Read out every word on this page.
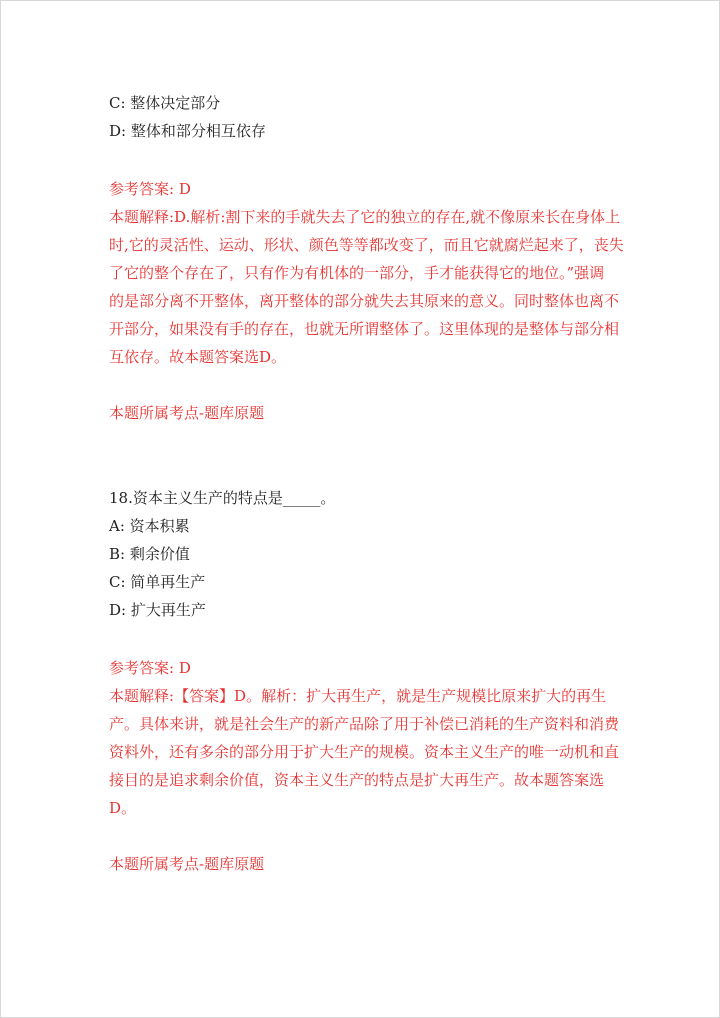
C: 整体决定部分
D: 整体和部分相互依存
参考答案: D
本题解释:D.解析:割下来的手就失去了它的独立的存在,就不像原来长在身体上
时,它的灵活性、运动、形状、颜色等等都改变了，而且它就腐烂起来了，丧失
了它的整个存在了，只有作为有机体的一部分，手才能获得它的地位。”强调
的是部分离不开整体，离开整体的部分就失去其原来的意义。同时整体也离不
开部分，如果没有手的存在，也就无所谓整体了。这里体现的是整体与部分相
互依存。故本题答案选D。
本题所属考点-题库原题
18.资本主义生产的特点是_____。
A: 资本积累
B: 剩余价值
C: 简单再生产
D: 扩大再生产
参考答案: D
本题解释:【答案】D。解析：扩大再生产，就是生产规模比原来扩大的再生
产。具体来讲，就是社会生产的新产品除了用于补偿已消耗的生产资料和消费
资料外，还有多余的部分用于扩大生产的规模。资本主义生产的唯一动机和直
接目的是追求剩余价值，资本主义生产的特点是扩大再生产。故本题答案选
D。
本题所属考点-题库原题
